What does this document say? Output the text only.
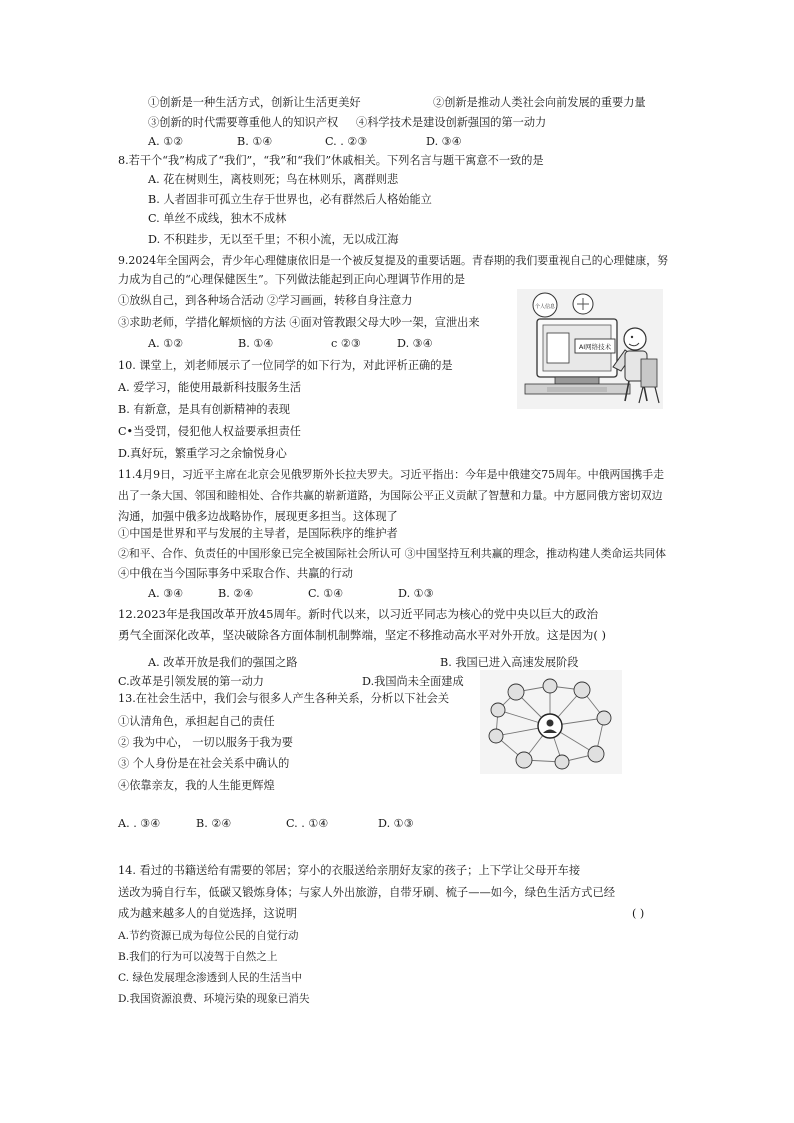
①创新是一种生活方式，创新让生活更美好	②创新是推动人类社会向前发展的重要力量
③创新的时代需要尊重他人的知识产权 ④科学技术是建设创新强国的第一动力
A. ①②	B. ①④	C. . ②③	D. ③④
8.若干个“我”构成了“我们”，“我”和“我们”休戚相关。下列名言与题干寓意不一致的是
A. 花在树则生，离枝则死；鸟在林则乐，离群则悲
B. 人者固非可孤立生存于世界也，必有群然后人格始能立
C. 单丝不成线，独木不成林
D. 不积跬步，无以至千里；不积小流，无以成江海
9.2024年全国两会，青少年心理健康依旧是一个被反复提及的重要话题。青春期的我们要重视自己的心理健康，努
力成为自己的“心理保健医生”。下列做法能起到正向心理调节作用的是
①放纵自己，到各种场合活动 ②学习画画，转移自身注意力
③求助老师，学措化解烦恼的方法 ④面对管教跟父母大吵一架，宣泄出来
A. ①②	B. ①④	c ②③	D. ③④	AI网络技术
个人信息
10. 课堂上，刘老师展示了一位同学的如下行为，对此评析正确的是
A. 爱学习，能使用最新科技服务生活
B. 有新意，是具有创新精神的表现
C•当受罚，侵犯他人权益要承担责任
D.真好玩，繁重学习之余愉悦身心
11.4月9日，习近平主席在北京会见俄罗斯外长拉夫罗夫。习近平指出：今年是中俄建交75周年。中俄两国携手走
出了一条大国、邻国和睦相处、合作共赢的崭新道路，为国际公平正义贡献了智慧和力量。中方愿同俄方密切双边
沟通，加强中俄多边战略协作，展现更多担当。这体现了
①中国是世界和平与发展的主导者，是国际秩序的维护者
②和平、合作、负责任的中国形象已完全被国际社会所认可 ③中国坚持互利共赢的理念，推动构建人类命运共同体
④中俄在当今国际事务中采取合作、共赢的行动
A. ③④	B. ②④	C. ①④	D. ①③
12.2023年是我国改革开放45周年。新时代以来，以习近平同志为核心的党中央以巨大的政治
勇气全面深化改革，坚决破除各方面体制机制弊端，坚定不移推动高水平对外开放。这是因为( )
A. 改革开放是我们的强国之路	B. 我国已进入高速发展阶段
C.改革是引领发展的第一动力	D.我国尚未全面建成
13.在社会生活中，我们会与很多人产生各种关系，分析以下社会关
①认清角色，承担起自己的责任
② 我为中心， 一切以服务于我为要
③ 个人身份是在社会关系中确认的
④依靠亲友，我的人生能更辉煌
A. . ③④	B. ②④	C. . ①④	D. ①③
14. 看过的书籍送给有需要的邻居；穿小的衣服送给亲朋好友家的孩子；上下学让父母开车接
送改为骑自行车，低碳又锻炼身体；与家人外出旅游，自带牙刷、梳子——如今，绿色生活方式已经
成为越来越多人的自觉选择，这说明	( )
A.节约资源已成为每位公民的自觉行动
B.我们的行为可以凌驾于自然之上
C. 绿色发展理念渗透到人民的生活当中
D.我国资源浪费、环境污染的现象已消失
